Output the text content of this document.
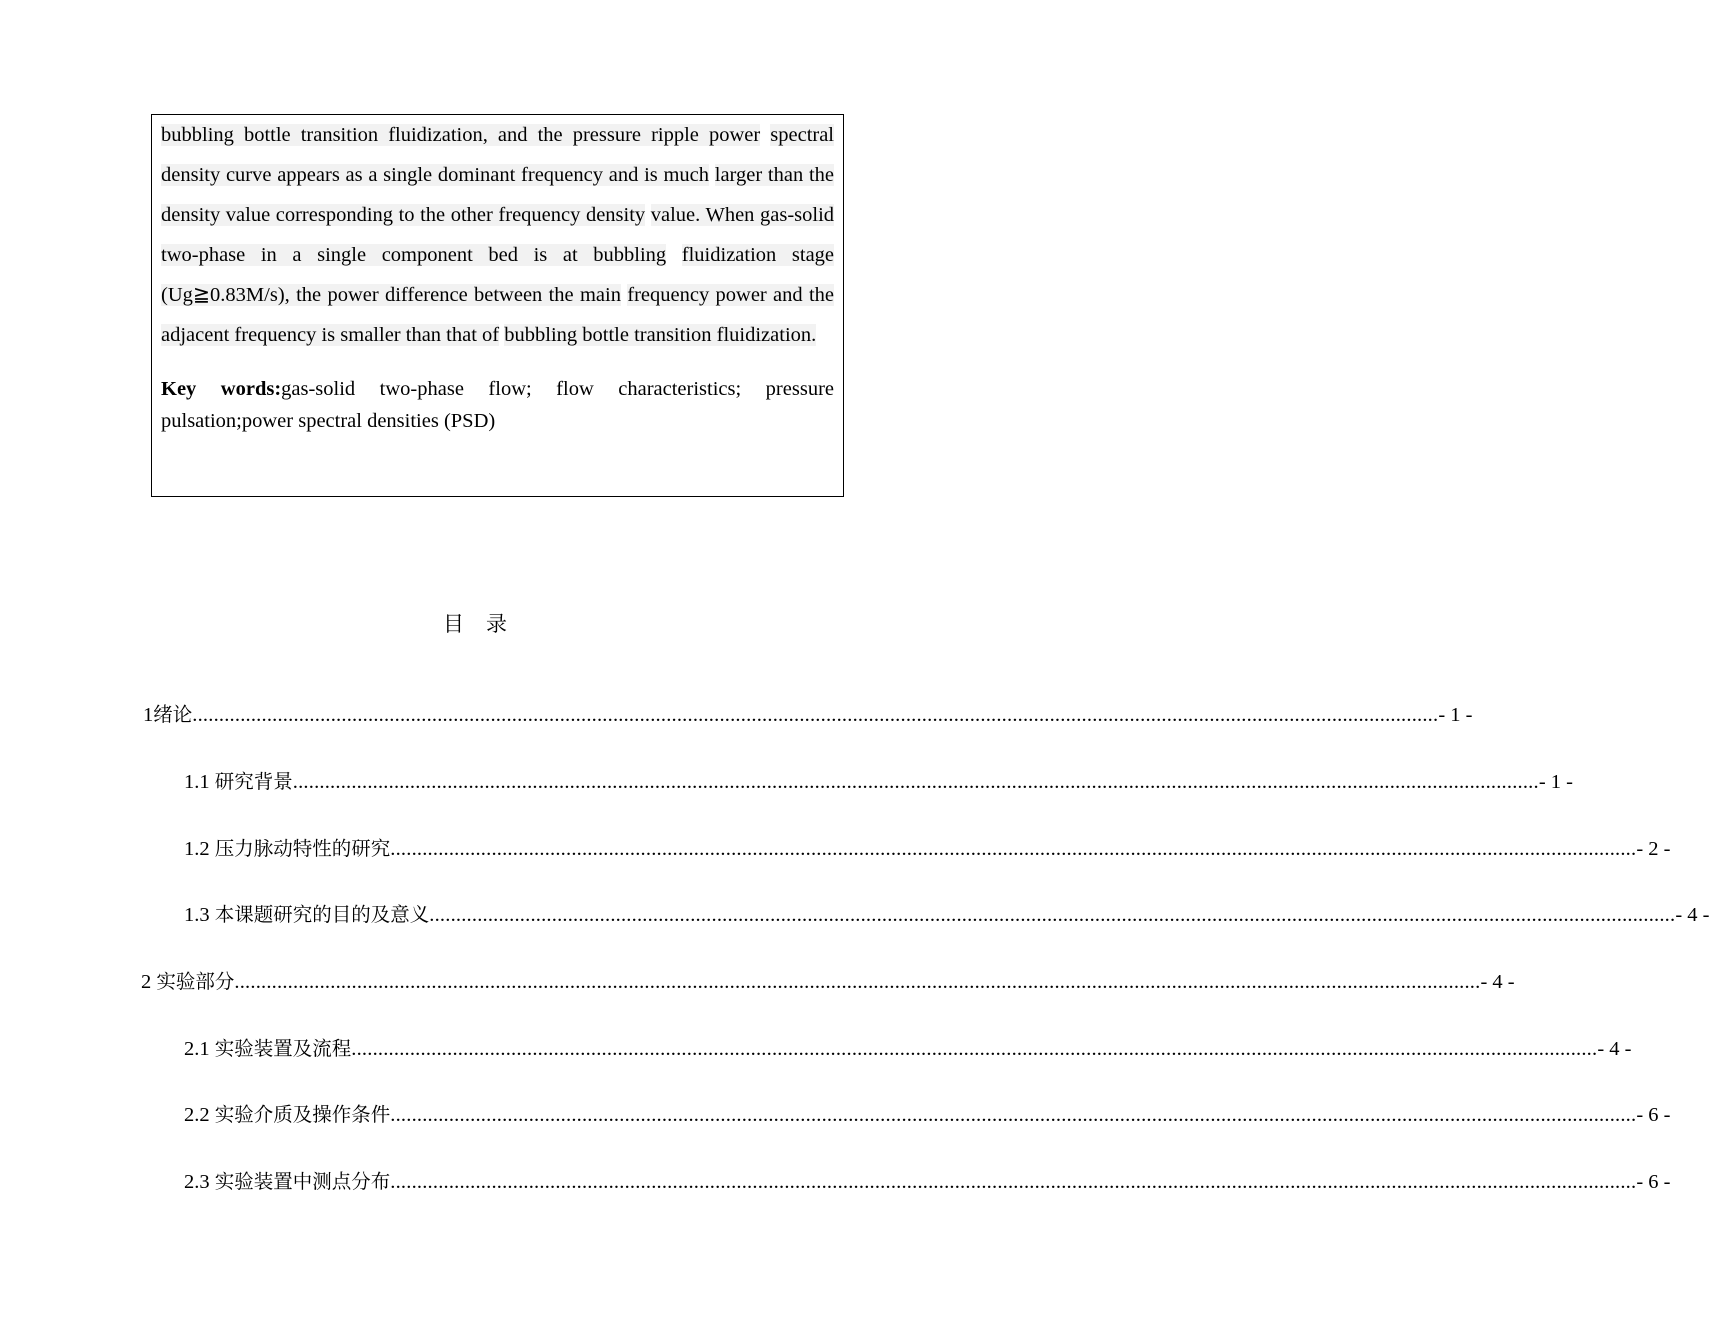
bubbling bottle transition fluidization, and the pressure ripple power spectral density curve appears as a single dominant frequency and is much larger than the density value corresponding to the other frequency density value. When gas-solid two-phase in a single component bed is at bubbling fluidization stage (Ug≧0.83M/s), the power difference between the main frequency power and the adjacent frequency is smaller than that of bubbling bottle transition fluidization.

Key words:gas-solid two-phase flow; flow characteristics; pressure pulsation;power spectral densities (PSD)

目 录
1绪论 .......................................................................................................................................................................................................................................... - 1 -
1.1 研究背景 .......................................................................................................................................................................................................................................... - 1 -
1.2 压力脉动特性的研究 .......................................................................................................................................................................................................................................... - 2 -
1.3 本课题研究的目的及意义 .......................................................................................................................................................................................................................................... - 4 -
2 实验部分 .......................................................................................................................................................................................................................................... - 4 -
2.1 实验装置及流程 .......................................................................................................................................................................................................................................... - 4 -
2.2 实验介质及操作条件 .......................................................................................................................................................................................................................................... - 6 -
2.3 实验装置中测点分布 .......................................................................................................................................................................................................................................... - 6 -
